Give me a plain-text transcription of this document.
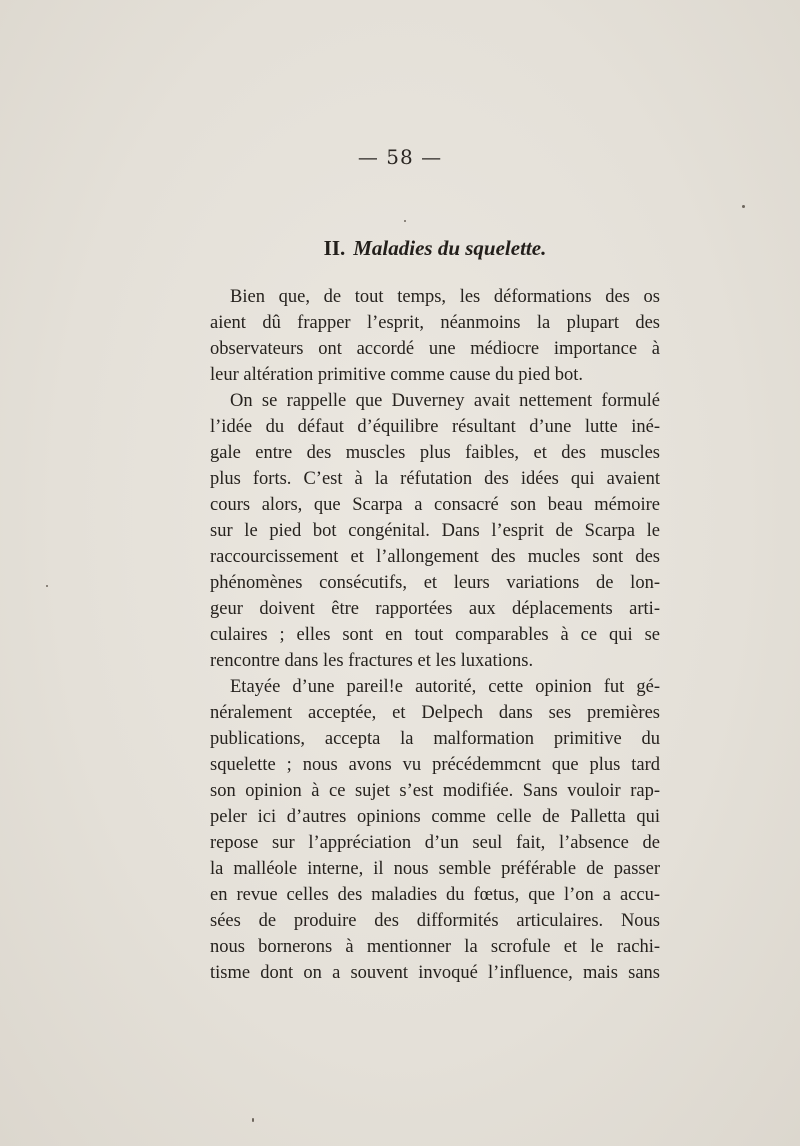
— 58 —
II. Maladies du squelette.
Bien que, de tout temps, les déformations des os
aient dû frapper l’esprit, néanmoins la plupart des
observateurs ont accordé une médiocre importance à
leur altération primitive comme cause du pied bot.
On se rappelle que Duverney avait nettement formulé
l’idée du défaut d’équilibre résultant d’une lutte iné-
gale entre des muscles plus faibles, et des muscles
plus forts. C’est à la réfutation des idées qui avaient
cours alors, que Scarpa a consacré son beau mémoire
sur le pied bot congénital. Dans l’esprit de Scarpa le
raccourcissement et l’allongement des mucles sont des
phénomènes consécutifs, et leurs variations de lon-
geur doivent être rapportées aux déplacements arti-
culaires ; elles sont en tout comparables à ce qui se
rencontre dans les fractures et les luxations.
Etayée d’une pareil!e autorité, cette opinion fut gé-
néralement acceptée, et Delpech dans ses premières
publications, accepta la malformation primitive du
squelette ; nous avons vu précédemmcnt que plus tard
son opinion à ce sujet s’est modifiée. Sans vouloir rap-
peler ici d’autres opinions comme celle de Palletta qui
repose sur l’appréciation d’un seul fait, l’absence de
la malléole interne, il nous semble préférable de passer
en revue celles des maladies du fœtus, que l’on a accu-
sées de produire des difformités articulaires. Nous
nous bornerons à mentionner la scrofule et le rachi-
tisme dont on a souvent invoqué l’influence, mais sans
